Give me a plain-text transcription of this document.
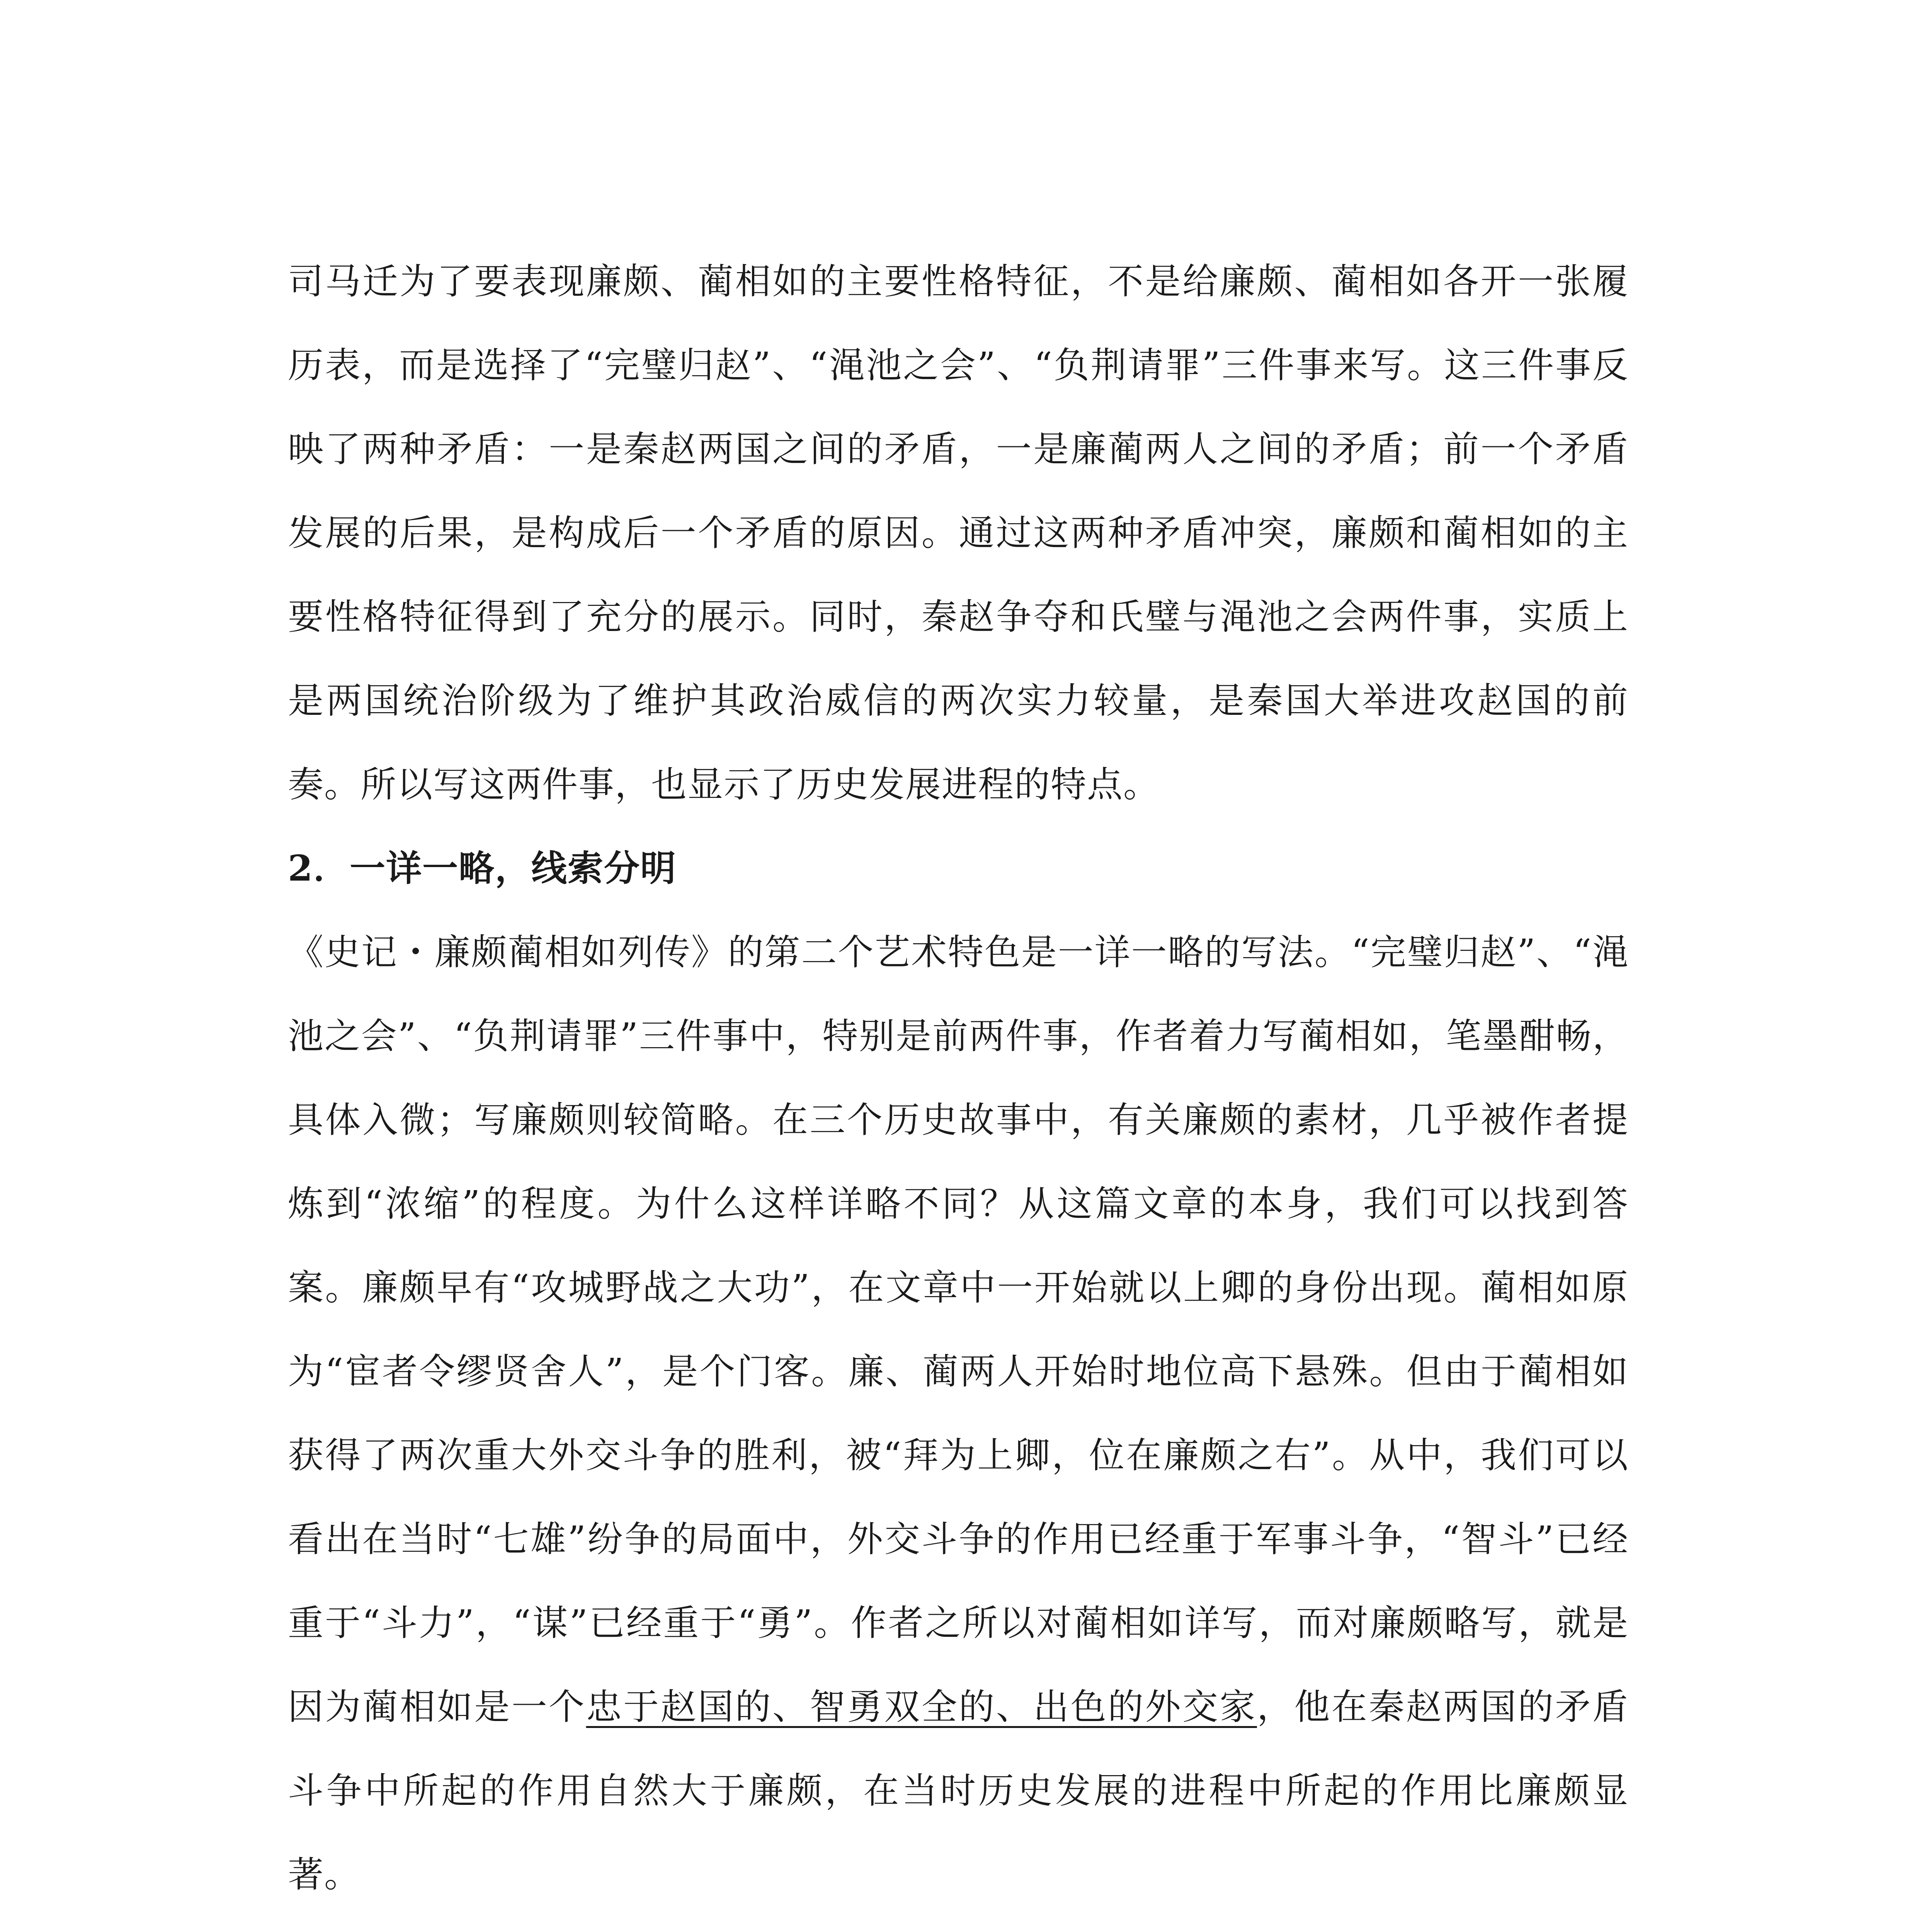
司马迁为了要表现廉颇、蔺相如的主要性格特征，不是给廉颇、蔺相如各开一张履历表，而是选择了“完璧归赵”、“渑池之会”、“负荆请罪”三件事来写。这三件事反映了两种矛盾：一是秦赵两国之间的矛盾，一是廉蔺两人之间的矛盾；前一个矛盾发展的后果，是构成后一个矛盾的原因。通过这两种矛盾冲突，廉颇和蔺相如的主要性格特征得到了充分的展示。同时，秦赵争夺和氏璧与渑池之会两件事，实质上是两国统治阶级为了维护其政治威信的两次实力较量，是秦国大举进攻赵国的前奏。所以写这两件事，也显示了历史发展进程的特点。

2．一详一略，线索分明

《史记・廉颇蔺相如列传》的第二个艺术特色是一详一略的写法。“完璧归赵”、“渑池之会”、“负荆请罪”三件事中，特别是前两件事，作者着力写蔺相如，笔墨酣畅，具体入微；写廉颇则较简略。在三个历史故事中，有关廉颇的素材，几乎被作者提炼到“浓缩”的程度。为什么这样详略不同？从这篇文章的本身，我们可以找到答案。廉颇早有“攻城野战之大功”，在文章中一开始就以上卿的身份出现。蔺相如原为“宦者令缪贤舍人”，是个门客。廉、蔺两人开始时地位高下悬殊。但由于蔺相如获得了两次重大外交斗争的胜利，被“拜为上卿，位在廉颇之右”。从中，我们可以看出在当时“七雄”纷争的局面中，外交斗争的作用已经重于军事斗争，“智斗”已经重于“斗力”，“谋”已经重于“勇”。作者之所以对蔺相如详写，而对廉颇略写，就是因为蔺相如是一个忠于赵国的、智勇双全的、出色的外交家，他在秦赵两国的矛盾斗争中所起的作用自然大于廉颇，在当时历史发展的进程中所起的作用比廉颇显著。
